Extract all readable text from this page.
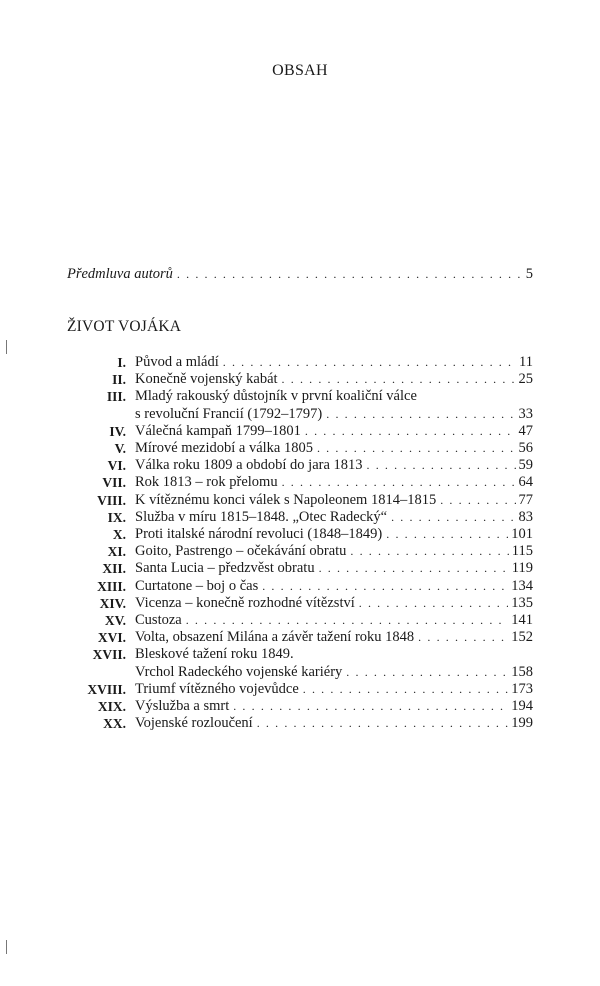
OBSAH
Předmluva autorů . . .	5
ŽIVOT VOJÁKA
I. Původ a mládí . . .	11
II. Konečně vojenský kabát . . .	25
III. Mladý rakouský důstojník v první koaliční válce
s revoluční Francií (1792–1797) . . .	33
IV. Válečná kampaň 1799–1801 . . .	47
V. Mírové mezidobí a válka 1805 . . .	56
VI. Válka roku 1809 a období do jara 1813 . . .	59
VII. Rok 1813 – rok přelomu . . .	64
VIII. K vítěznému konci válek s Napoleonem 1814–1815 . . .	77
IX. Služba v míru 1815–1848. „Otec Radecký“ . . .	83
X. Proti italské národní revoluci (1848–1849) . . .	101
XI. Goito, Pastrengo – očekávání obratu . . .	115
XII. Santa Lucia – předzvěst obratu . . .	119
XIII. Curtatone – boj o čas . . .	134
XIV. Vicenza – konečně rozhodné vítězství . . .	135
XV. Custoza . . .	141
XVI. Volta, obsazení Milána a závěr tažení roku 1848 . . .	152
XVII. Bleskové tažení roku 1849.
Vrchol Radeckého vojenské kariéry . . .	158
XVIII. Triumf vítězného vojevůdce . . .	173
XIX. Výslužba a smrt . . .	194
XX. Vojenské rozloučení . . .	199
